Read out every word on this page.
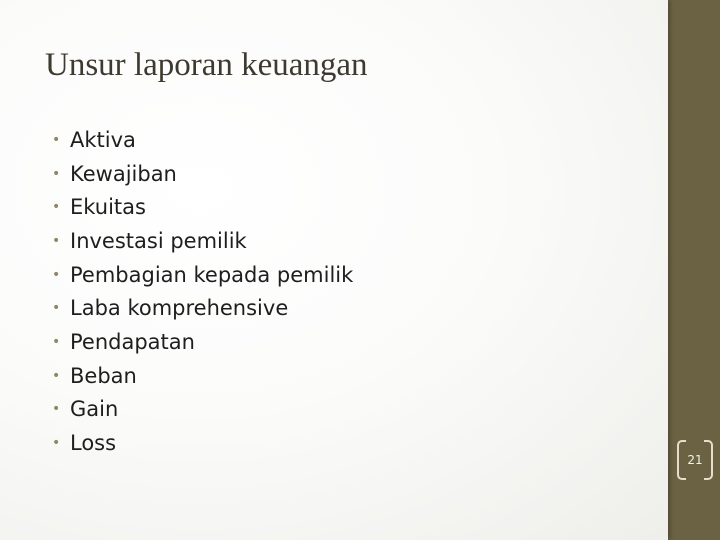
Unsur laporan keuangan
• Aktiva
• Kewajiban
• Ekuitas
• Investasi pemilik
• Pembagian kepada pemilik
• Laba komprehensive
• Pendapatan
• Beban
• Gain
• Loss
21
